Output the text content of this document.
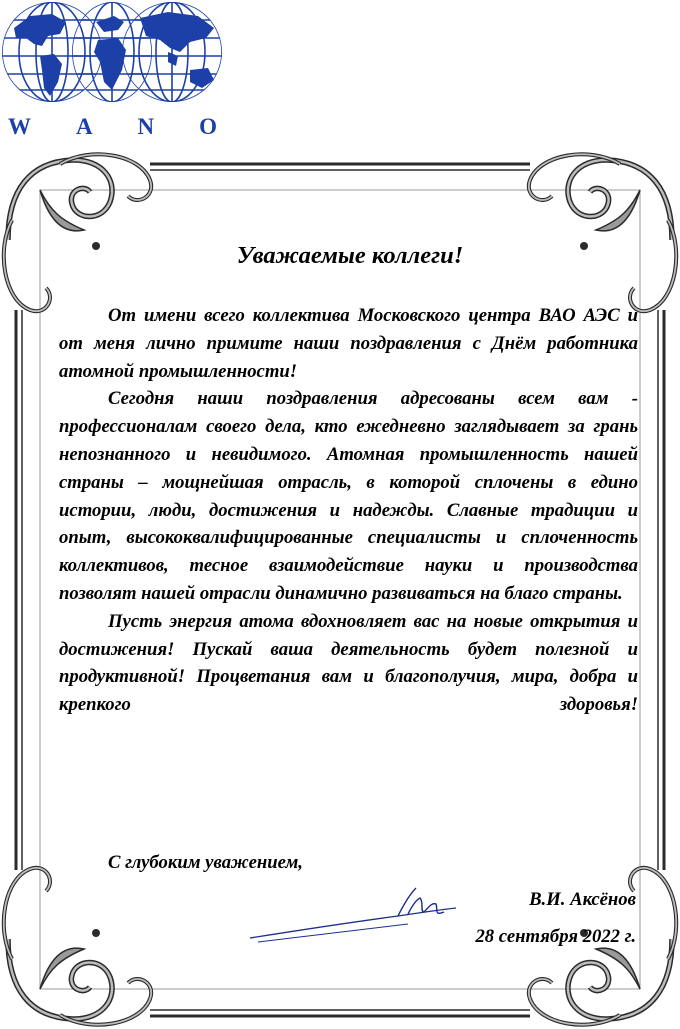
W A N O
Уважаемые коллеги!

От имени всего коллектива Московского центра ВАО АЭС и от меня лично примите наши поздравления с Днём работника атомной промышленности!

Сегодня наши поздравления адресованы всем вам - профессионалам своего дела, кто ежедневно заглядывает за грань непознанного и невидимого. Атомная промышленность нашей страны – мощнейшая отрасль, в которой сплочены в едино истории, люди, достижения и надежды. Славные традиции и опыт, высококвалифицированные специалисты и сплоченность коллективов, тесное взаимодействие науки и производства позволят нашей отрасли динамично развиваться на благо страны.

Пусть энергия атома вдохновляет вас на новые открытия и достижения! Пускай ваша деятельность будет полезной и продуктивной! Процветания вам и благополучия, мира, добра и крепкого здоровья!

С глубоким уважением,
В.И. Аксёнов
28 сентября 2022 г.
